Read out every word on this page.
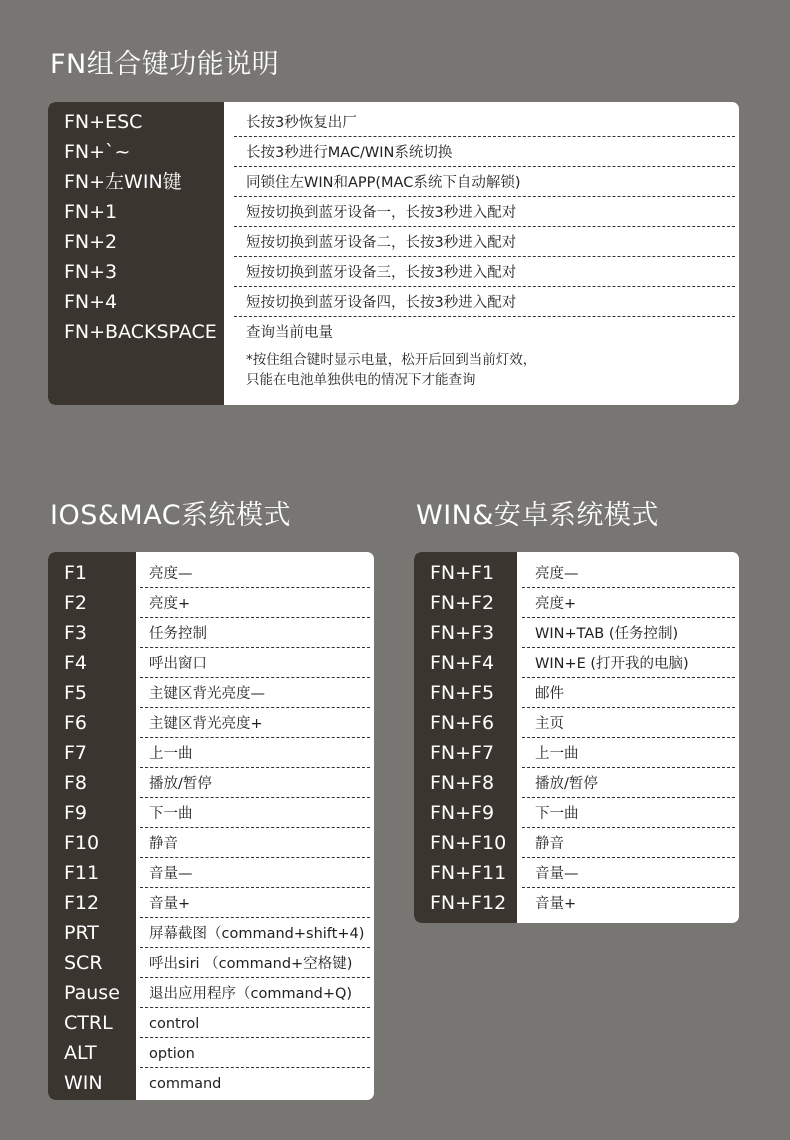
FN组合键功能说明
FN+ESC	长按3秒恢复出厂
FN+`~	长按3秒进行MAC/WIN系统切换
FN+左WIN键	同锁住左WIN和APP(MAC系统下自动解锁)
FN+1	短按切换到蓝牙设备一，长按3秒进入配对
FN+2	短按切换到蓝牙设备二，长按3秒进入配对
FN+3	短按切换到蓝牙设备三，长按3秒进入配对
FN+4	短按切换到蓝牙设备四，长按3秒进入配对
FN+BACKSPACE	查询当前电量

*按住组合键时显示电量，松开后回到当前灯效，

只能在电池单独供电的情况下才能查询

IOS&MAC系统模式
F1	亮度—
F2	亮度+
F3	任务控制
F4	呼出窗口
F5	主键区背光亮度—
F6	主键区背光亮度+
F7	上一曲
F8	播放/暂停
F9	下一曲
F10	静音
F11	音量—
F12	音量+
PRT	屏幕截图（command+shift+4)
SCR	呼出siri （command+空格键)
Pause	退出应用程序（command+Q)
CTRL	control
ALT	option
WIN	command
WIN&安卓系统模式
FN+F1	亮度—
FN+F2	亮度+
FN+F3	WIN+TAB (任务控制)
FN+F4	WIN+E (打开我的电脑)
FN+F5	邮件
FN+F6	主页
FN+F7	上一曲
FN+F8	播放/暂停
FN+F9	下一曲
FN+F10	静音
FN+F11	音量—
FN+F12	音量+
